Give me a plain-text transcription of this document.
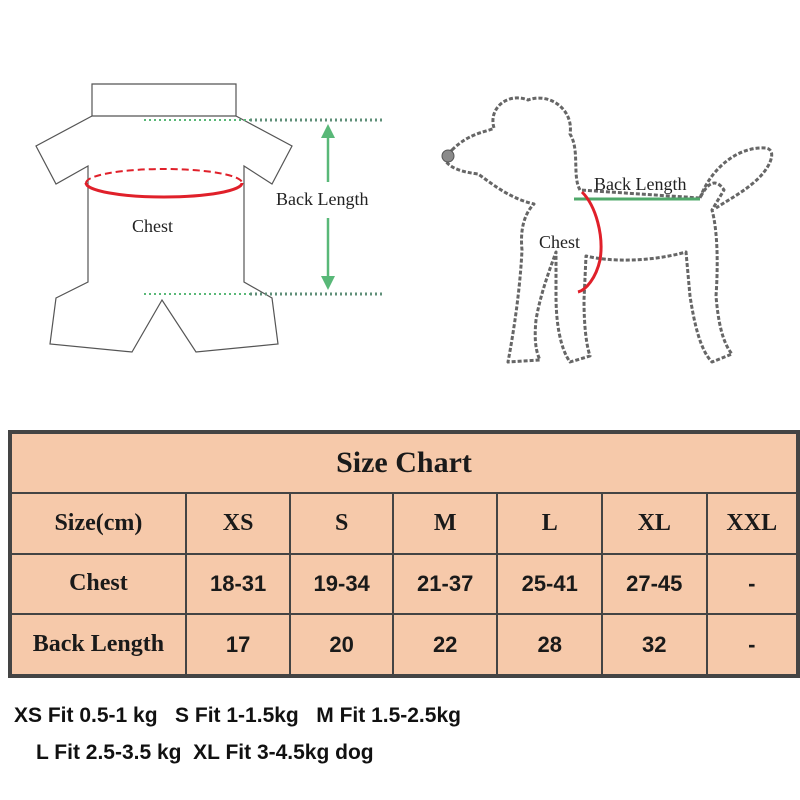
Chest
Back Length
Chest
Back Length
Size Chart						
Size(cm)	XS	S	M	L	XL	XXL
Chest	18-31	19-34	21-37	25-41	27-45	-
Back Length	17	20	22	28	32	-
XS Fit 0.5-1 kg   S Fit 1-1.5kg   M Fit 1.5-2.5kg
L Fit 2.5-3.5 kg  XL Fit 3-4.5kg dog
